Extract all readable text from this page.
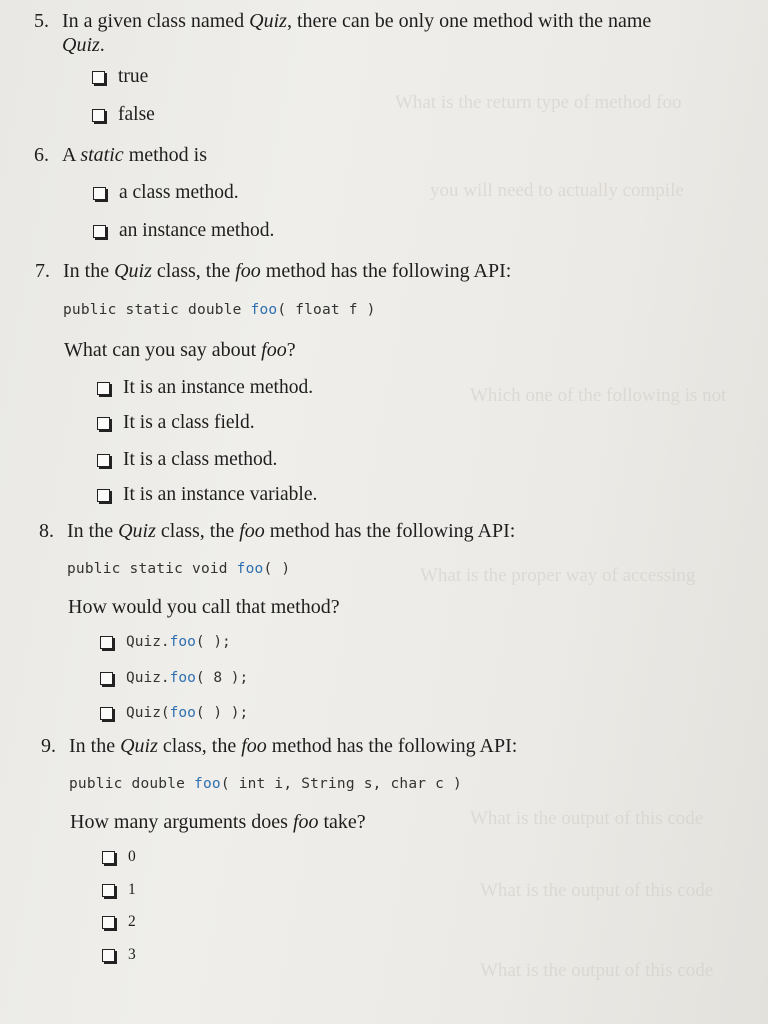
What is the return type of method foo
you will need to actually compile
Which one of the following is not
What is the proper way of accessing
What is the output of this code
What is the output of this code
What is the output of this code
5. In a given class named Quiz, there can be only one method with the name
Quiz.
true
false
6. A static method is
a class method.
an instance method.
7. In the Quiz class, the foo method has the following API:
public static double foo( float f )
What can you say about foo?
It is an instance method.
It is a class field.
It is a class method.
It is an instance variable.
8. In the Quiz class, the foo method has the following API:
public static void foo( )
How would you call that method?
Quiz. foo ( );
Quiz. foo ( 8 );
Quiz( foo ( ) );
9. In the Quiz class, the foo method has the following API:
public double foo( int i, String s, char c )
How many arguments does foo take?
0
1
2
3
